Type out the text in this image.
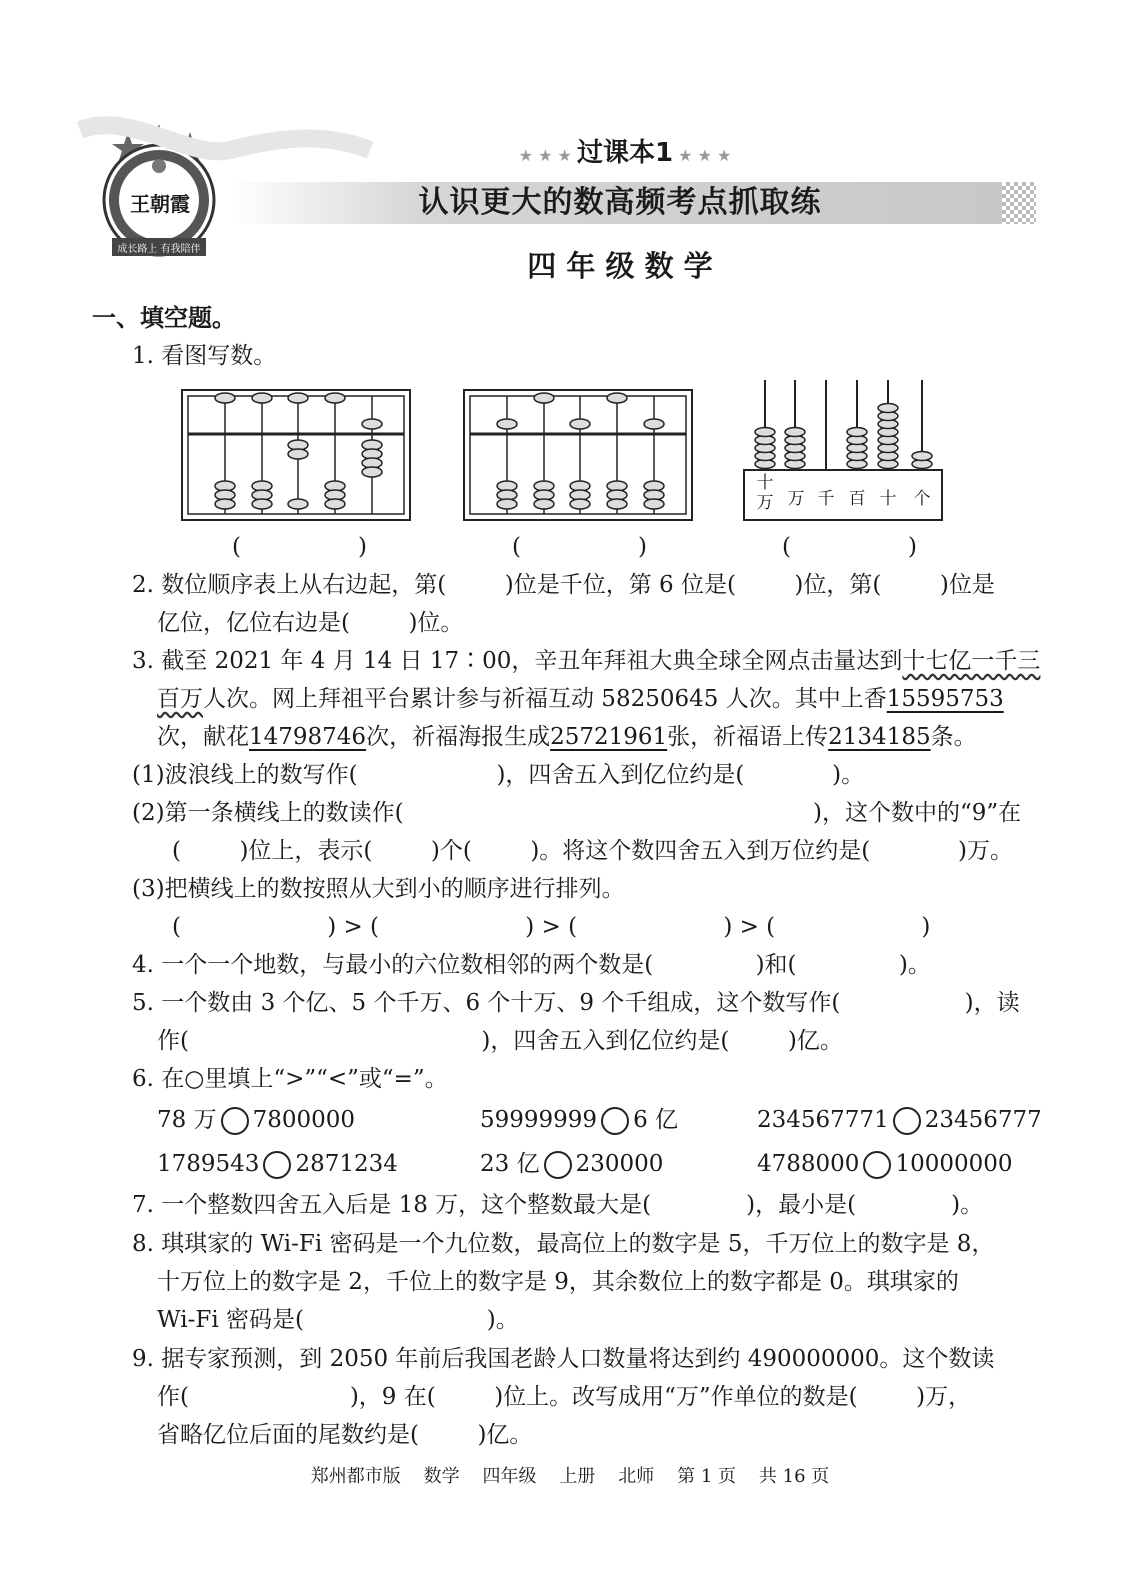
王朝霞
成长路上 有我陪伴
★ ★ ★ 过课本1 ★ ★ ★
认识更大的数高频考点抓取练
四 年 级 数 学
一、填空题。
1. 看图写数。
十万 万 千 百 十 个
(                )	(                )	(                )
2. 数位顺序表上从右边起，第(        )位是千位，第 6 位是(        )位，第(        )位是
亿位，亿位右边是(        )位。
3. 截至 2021 年 4 月 14 日 17∶00，辛丑年拜祖大典全球全网点击量达到十七亿一千三
百万人次。网上拜祖平台累计参与祈福互动 58250645 人次。其中上香15595753
次，献花14798746次，祈福海报生成25721961张，祈福语上传2134185条。
(1)波浪线上的数写作(                   )，四舍五入到亿位约是(            )。
(2)第一条横线上的数读作(                                                        )，这个数中的“9”在
(        )位上，表示(        )个(        )。将这个数四舍五入到万位约是(            )万。
(3)把横线上的数按照从大到小的顺序进行排列。
(                    ) > (                    ) > (                    ) > (                    )
4. 一个一个地数，与最小的六位数相邻的两个数是(              )和(              )。
5. 一个数由 3 个亿、5 个千万、6 个十万、9 个千组成，这个数写作(                 )，读
作(                                        )，四舍五入到亿位约是(        )亿。
6. 在○里填上“>”“<”或“=”。
78 万 7800000	59999999 6 亿	234567771 23456777
1789543 2871234	23 亿 230000	4788000 10000000
7. 一个整数四舍五入后是 18 万，这个整数最大是(             )，最小是(             )。
8. 琪琪家的 Wi-Fi 密码是一个九位数，最高位上的数字是 5，千万位上的数字是 8，
十万位上的数字是 2，千位上的数字是 9，其余数位上的数字都是 0。琪琪家的
Wi-Fi 密码是(                         )。
9. 据专家预测，到 2050 年前后我国老龄人口数量将达到约 490000000。这个数读
作(                      )，9 在(        )位上。改写成用“万”作单位的数是(        )万，
省略亿位后面的尾数约是(        )亿。
郑州都市版    数学    四年级    上册    北师    第 1 页    共 16 页
